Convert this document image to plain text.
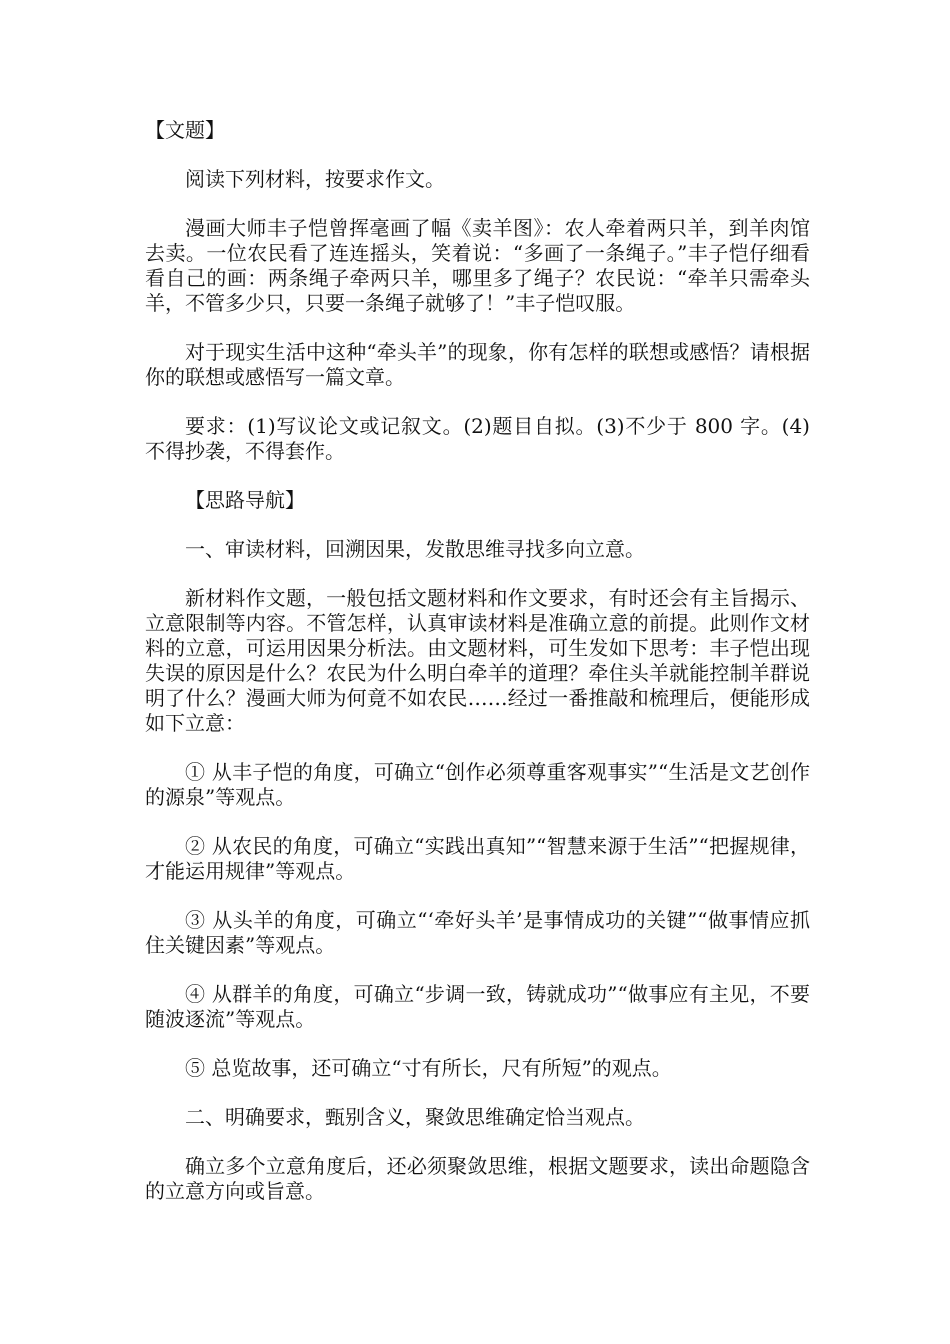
【文题】

阅读下列材料，按要求作文。

漫画大师丰子恺曾挥毫画了幅《卖羊图》：农人牵着两只羊，到羊肉馆去卖。一位农民看了连连摇头，笑着说：“多画了一条绳子。”丰子恺仔细看看自己的画：两条绳子牵两只羊，哪里多了绳子？农民说：“牵羊只需牵头羊，不管多少只，只要一条绳子就够了！”丰子恺叹服。

对于现实生活中这种“牵头羊”的现象，你有怎样的联想或感悟？请根据你的联想或感悟写一篇文章。

要求：(1)写议论文或记叙文。(2)题目自拟。(3)不少于 800 字。(4) 不得抄袭，不得套作。

【思路导航】

一、审读材料，回溯因果，发散思维寻找多向立意。

新材料作文题，一般包括文题材料和作文要求，有时还会有主旨揭示、立意限制等内容。不管怎样，认真审读材料是准确立意的前提。此则作文材料的立意，可运用因果分析法。由文题材料，可生发如下思考：丰子恺出现失误的原因是什么？农民为什么明白牵羊的道理？牵住头羊就能控制羊群说明了什么？漫画大师为何竟不如农民……经过一番推敲和梳理后，便能形成如下立意：

① 从丰子恺的角度，可确立“创作必须尊重客观事实”“生活是文艺创作的源泉”等观点。

② 从农民的角度，可确立“实践出真知”“智慧来源于生活”“把握规律，才能运用规律”等观点。

③ 从头羊的角度，可确立“‘牵好头羊’是事情成功的关键”“做事情应抓住关键因素”等观点。

④ 从群羊的角度，可确立“步调一致，铸就成功”“做事应有主见，不要随波逐流”等观点。

⑤ 总览故事，还可确立“寸有所长，尺有所短”的观点。

二、明确要求，甄别含义，聚敛思维确定恰当观点。

确立多个立意角度后，还必须聚敛思维，根据文题要求，读出命题隐含的立意方向或旨意。
